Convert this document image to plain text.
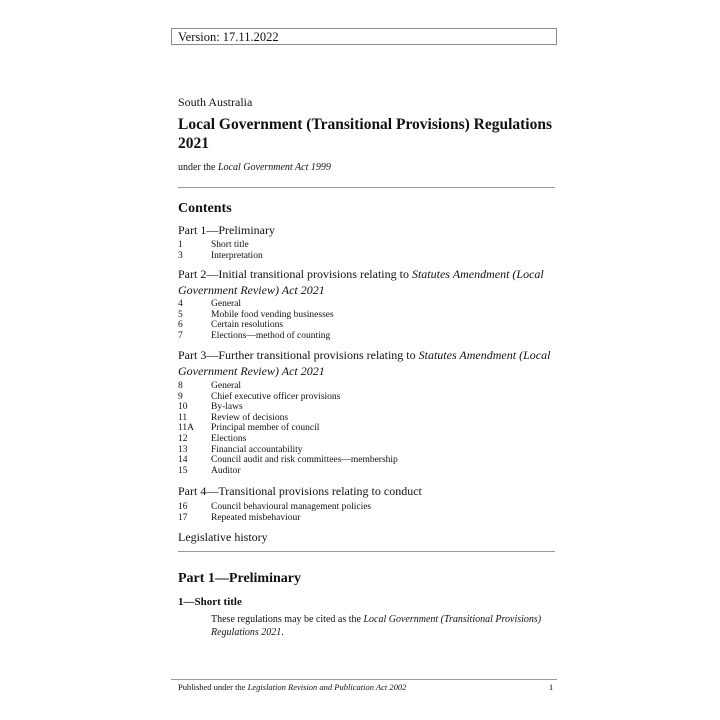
Version: 17.11.2022
South Australia
Local Government (Transitional Provisions) Regulations 2021
under the Local Government Act 1999
Contents
Part 1—Preliminary
1	Short title
3	Interpretation
Part 2—Initial transitional provisions relating to Statutes Amendment (Local Government Review) Act 2021
4	General
5	Mobile food vending businesses
6	Certain resolutions
7	Elections—method of counting
Part 3—Further transitional provisions relating to Statutes Amendment (Local Government Review) Act 2021
8	General
9	Chief executive officer provisions
10	By-laws
11	Review of decisions
11A	Principal member of council
12	Elections
13	Financial accountability
14	Council audit and risk committees—membership
15	Auditor
Part 4—Transitional provisions relating to conduct
16	Council behavioural management policies
17	Repeated misbehaviour
Legislative history
Part 1—Preliminary
1—Short title
These regulations may be cited as the Local Government (Transitional Provisions) Regulations 2021.
Published under the Legislation Revision and Publication Act 2002	1
